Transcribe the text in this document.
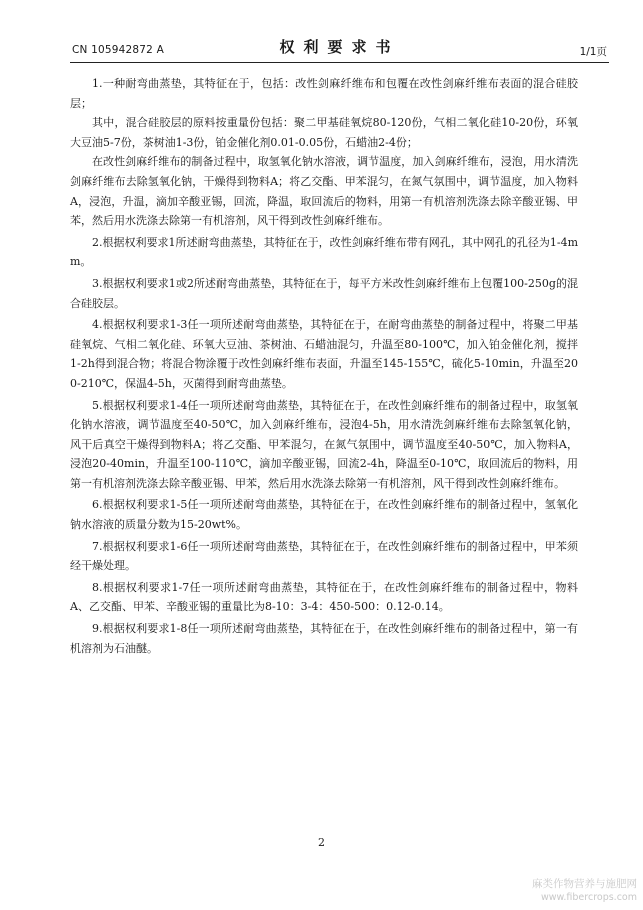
CN 105942872 A	权利要求书	1/1页

1.一种耐弯曲蒸垫，其特征在于，包括：改性剑麻纤维布和包覆在改性剑麻纤维布表面的混合硅胶层；

其中，混合硅胶层的原料按重量份包括：聚二甲基硅氧烷80-120份，气相二氧化硅10-20份，环氧大豆油5-7份，茶树油1-3份，铂金催化剂0.01-0.05份，石蜡油2-4份；

在改性剑麻纤维布的制备过程中，取氢氧化钠水溶液，调节温度，加入剑麻纤维布，浸泡，用水清洗剑麻纤维布去除氢氧化钠，干燥得到物料A；将乙交酯、甲苯混匀，在氮气氛围中，调节温度，加入物料A，浸泡，升温，滴加辛酸亚锡，回流，降温，取回流后的物料，用第一有机溶剂洗涤去除辛酸亚锡、甲苯，然后用水洗涤去除第一有机溶剂，风干得到改性剑麻纤维布。

2.根据权利要求1所述耐弯曲蒸垫，其特征在于，改性剑麻纤维布带有网孔，其中网孔的孔径为1-4mm。

3.根据权利要求1或2所述耐弯曲蒸垫，其特征在于，每平方米改性剑麻纤维布上包覆100-250g的混合硅胶层。

4.根据权利要求1-3任一项所述耐弯曲蒸垫，其特征在于，在耐弯曲蒸垫的制备过程中，将聚二甲基硅氧烷、气相二氧化硅、环氧大豆油、茶树油、石蜡油混匀，升温至80-100℃，加入铂金催化剂，搅拌1-2h得到混合物；将混合物涂覆于改性剑麻纤维布表面，升温至145-155℃，硫化5-10min，升温至200-210℃，保温4-5h，灭菌得到耐弯曲蒸垫。

5.根据权利要求1-4任一项所述耐弯曲蒸垫，其特征在于，在改性剑麻纤维布的制备过程中，取氢氧化钠水溶液，调节温度至40-50℃，加入剑麻纤维布，浸泡4-5h，用水清洗剑麻纤维布去除氢氧化钠，风干后真空干燥得到物料A；将乙交酯、甲苯混匀，在氮气氛围中，调节温度至40-50℃，加入物料A，浸泡20-40min，升温至100-110℃，滴加辛酸亚锡，回流2-4h，降温至0-10℃，取回流后的物料，用第一有机溶剂洗涤去除辛酸亚锡、甲苯，然后用水洗涤去除第一有机溶剂，风干得到改性剑麻纤维布。

6.根据权利要求1-5任一项所述耐弯曲蒸垫，其特征在于，在改性剑麻纤维布的制备过程中，氢氧化钠水溶液的质量分数为15-20wt%。

7.根据权利要求1-6任一项所述耐弯曲蒸垫，其特征在于，在改性剑麻纤维布的制备过程中，甲苯须经干燥处理。

8.根据权利要求1-7任一项所述耐弯曲蒸垫，其特征在于，在改性剑麻纤维布的制备过程中，物料A、乙交酯、甲苯、辛酸亚锡的重量比为8-10：3-4：450-500：0.12-0.14。

9.根据权利要求1-8任一项所述耐弯曲蒸垫，其特征在于，在改性剑麻纤维布的制备过程中，第一有机溶剂为石油醚。

2
麻类作物营养与施肥网
www.fibercrops.com
